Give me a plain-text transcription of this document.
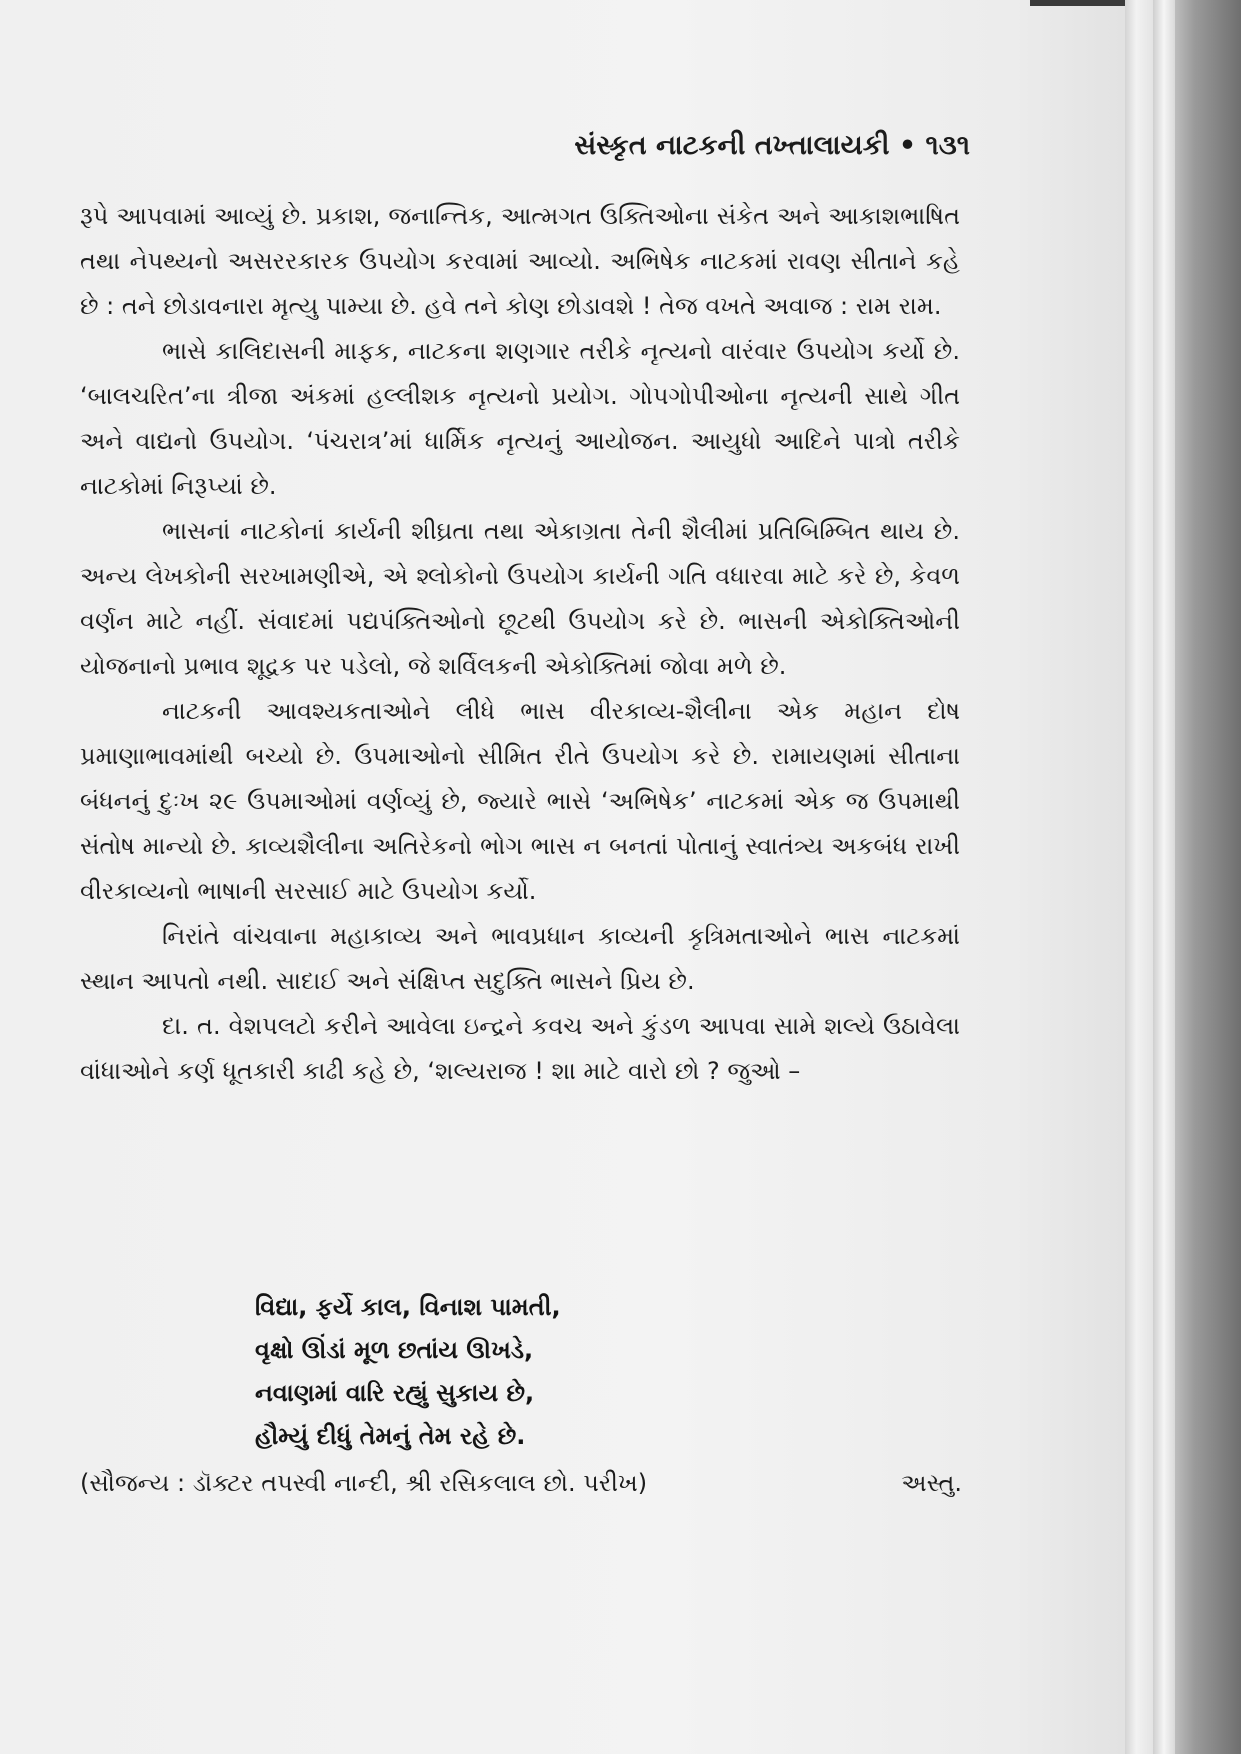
સંસ્કૃત નાટકની તખ્તાલાયકી • ૧૩૧

રૂપે આપવામાં આવ્યું છે. પ્રકાશ, જનાન્તિક, આત્મગત ઉક્તિઓના સંકેત અને આકાશભાષિત તથા નેપથ્યનો અસરરકારક ઉપયોગ કરવામાં આવ્યો. અભિષેક નાટકમાં રાવણ સીતાને કહે છે : તને છોડાવનારા મૃત્યુ પામ્યા છે. હવે તને કોણ છોડાવશે ! તેજ વખતે અવાજ : રામ રામ.

ભાસે કાલિદાસની માફક, નાટકના શણગાર તરીકે નૃત્યનો વારંવાર ઉપયોગ કર્યો છે. ‘બાલચરિત’ના ત્રીજા અંકમાં હલ્લીશક નૃત્યનો પ્રયોગ. ગોપગોપીઓના નૃત્યની સાથે ગીત અને વાદ્યનો ઉપયોગ. ‘પંચરાત્ર’માં ધાર્મિક નૃત્યનું આયોજન. આયુધો આદિને પાત્રો તરીકે નાટકોમાં નિરૂપ્યાં છે.

ભાસનાં નાટકોનાં કાર્યની શીઘ્રતા તથા એકાગ્રતા તેની શૈલીમાં પ્રતિબિમ્બિત થાય છે. અન્ય લેખકોની સરખામણીએ, એ શ્લોકોનો ઉપયોગ કાર્યની ગતિ વધારવા માટે કરે છે, કેવળ વર્ણન માટે નહીં. સંવાદમાં પદ્યપંક્તિઓનો છૂટથી ઉપયોગ કરે છે. ભાસની એકોક્તિઓની યોજનાનો પ્રભાવ શૂદ્રક પર પડેલો, જે શર્વિલકની એકોક્તિમાં જોવા મળે છે.

નાટકની આવશ્યકતાઓને લીધે ભાસ વીરકાવ્ય-શૈલીના એક મહાન દોષ પ્રમાણાભાવમાંથી બચ્યો છે. ઉપમાઓનો સીમિત રીતે ઉપયોગ કરે છે. રામાયણમાં સીતાના બંધનનું દુઃખ ૨૯ ઉપમાઓમાં વર્ણવ્યું છે, જ્યારે ભાસે ‘અભિષેક’ નાટકમાં એક જ ઉપમાથી સંતોષ માન્યો છે. કાવ્યશૈલીના અતિરેકનો ભોગ ભાસ ન બનતાં પોતાનું સ્વાતંત્ર્ય અકબંધ રાખી વીરકાવ્યનો ભાષાની સરસાઈ માટે ઉપયોગ કર્યો.

નિરાંતે વાંચવાના મહાકાવ્ય અને ભાવપ્રધાન કાવ્યની કૃત્રિમતાઓને ભાસ નાટકમાં સ્થાન આપતો નથી. સાદાઈ અને સંક્ષિપ્ત સદુક્તિ ભાસને પ્રિય છે.

દા. ત. વેશપલટો કરીને આવેલા ઇન્દ્રને કવચ અને કુંડળ આપવા સામે શલ્યે ઉઠાવેલા વાંધાઓને કર્ણ ધૂતકારી કાઢી કહે છે, ‘શલ્યરાજ ! શા માટે વારો છો ? જુઓ –

વિદ્યા, ફર્યે કાલ, વિનાશ પામતી,
વૃક્ષો ઊંડાં મૂળ છતાંય ઊખડે,
નવાણમાં વારિ રહ્યું સુકાય છે,
હૌમ્યું દીધું તેમનું તેમ રહે છે.
(સૌજન્ય : ડૉક્ટર તપસ્વી નાન્દી, શ્રી રસિકલાલ છો. પરીખ)	અસ્તુ.
